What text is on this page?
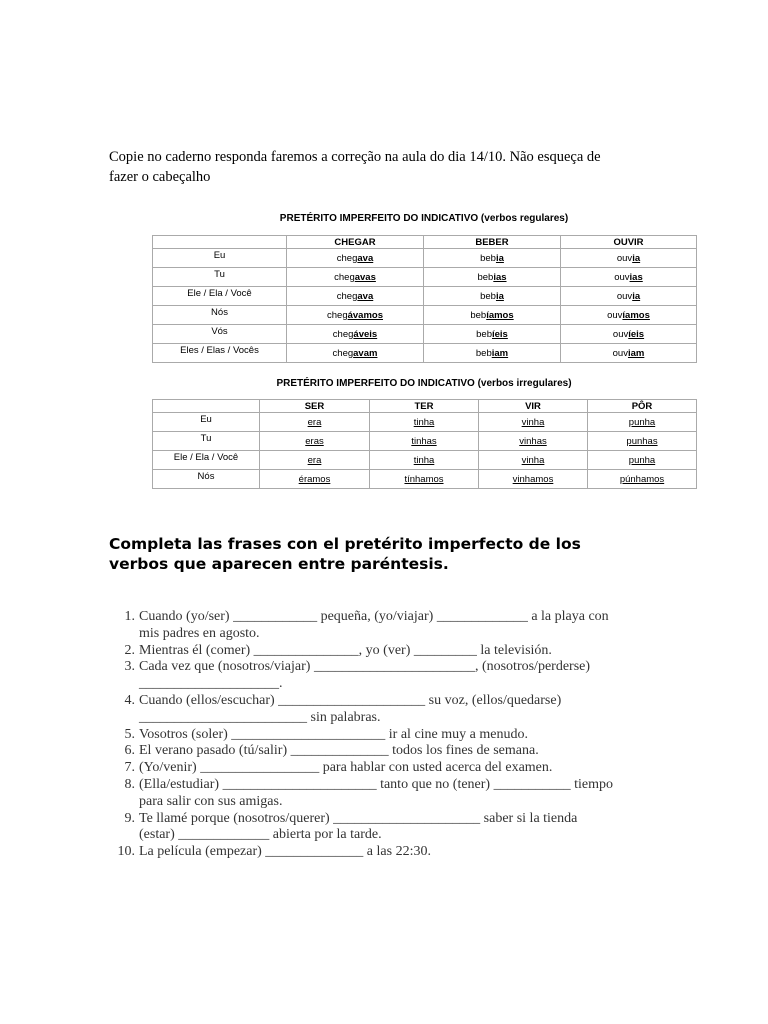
Copie no caderno responda faremos a correção na aula do dia 14/10. Não esqueça de
fazer o cabeçalho
PRETÉRITO IMPERFEITO DO INDICATIVO (verbos regulares)
	CHEGAR	BEBER	OUVIR
Eu	chegava	bebia	ouvia
Tu	chegavas	bebias	ouvias
Ele / Ela / Você	chegava	bebia	ouvia
Nós	chegávamos	bebíamos	ouvíamos
Vós	chegáveis	bebíeis	ouvíeis
Eles / Elas / Vocês	chegavam	bebiam	ouviam
PRETÉRITO IMPERFEITO DO INDICATIVO (verbos irregulares)
	SER	TER	VIR	PÔR
Eu	era	tinha	vinha	punha
Tu	eras	tinhas	vinhas	punhas
Ele / Ela / Você	era	tinha	vinha	punha
Nós	éramos	tínhamos	vinhamos	púnhamos
Completa las frases con el pretérito imperfecto de los
verbos que aparecen entre paréntesis.
1. Cuando (yo/ser) ____________ pequeña, (yo/viajar) _____________ a la playa con
mis padres en agosto.
2. Mientras él (comer) _______________, yo (ver) _________ la televisión.
3. Cada vez que (nosotros/viajar) _______________________, (nosotros/perderse)
____________________.
4. Cuando (ellos/escuchar) _____________________ su voz, (ellos/quedarse)
________________________ sin palabras.
5. Vosotros (soler) ______________________ ir al cine muy a menudo.
6. El verano pasado (tú/salir) ______________ todos los fines de semana.
7. (Yo/venir) _________________ para hablar con usted acerca del examen.
8. (Ella/estudiar) ______________________ tanto que no (tener) ___________ tiempo
para salir con sus amigas.
9. Te llamé porque (nosotros/querer) _____________________ saber si la tienda
(estar) _____________ abierta por la tarde.
10. La película (empezar) ______________ a las 22:30.
